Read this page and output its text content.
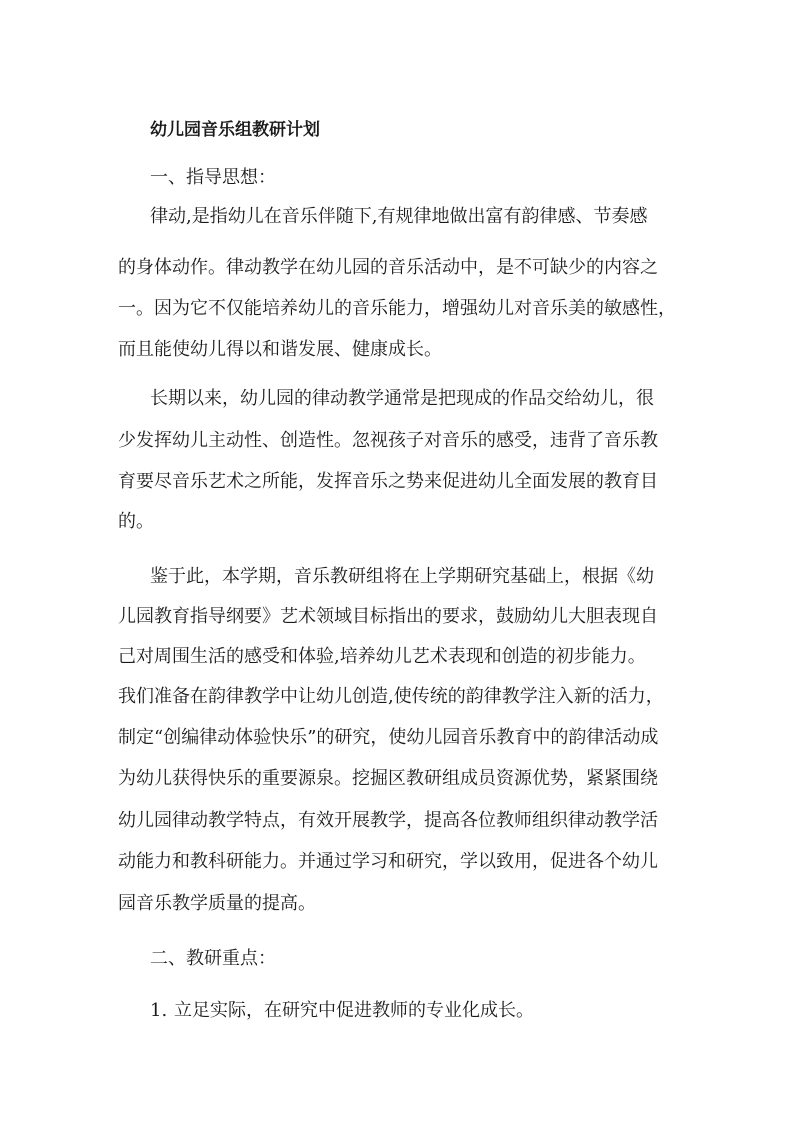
幼儿园音乐组教研计划

一、指导思想：

律动,是指幼儿在音乐伴随下,有规律地做出富有韵律感、节奏感

的身体动作。律动教学在幼儿园的音乐活动中，是不可缺少的内容之

一。因为它不仅能培养幼儿的音乐能力，增强幼儿对音乐美的敏感性，

而且能使幼儿得以和谐发展、健康成长。

长期以来，幼儿园的律动教学通常是把现成的作品交给幼儿，很

少发挥幼儿主动性、创造性。忽视孩子对音乐的感受，违背了音乐教

育要尽音乐艺术之所能，发挥音乐之势来促进幼儿全面发展的教育目

的。

鉴于此，本学期，音乐教研组将在上学期研究基础上，根据《幼

儿园教育指导纲要》艺术领域目标指出的要求，鼓励幼儿大胆表现自

己对周围生活的感受和体验,培养幼儿艺术表现和创造的初步能力。

我们准备在韵律教学中让幼儿创造,使传统的韵律教学注入新的活力，

制定“创编律动体验快乐”的研究，使幼儿园音乐教育中的韵律活动成

为幼儿获得快乐的重要源泉。挖掘区教研组成员资源优势，紧紧围绕

幼儿园律动教学特点，有效开展教学，提高各位教师组织律动教学活

动能力和教科研能力。并通过学习和研究，学以致用，促进各个幼儿

园音乐教学质量的提高。

二、教研重点：

1. 立足实际，在研究中促进教师的专业化成长。
